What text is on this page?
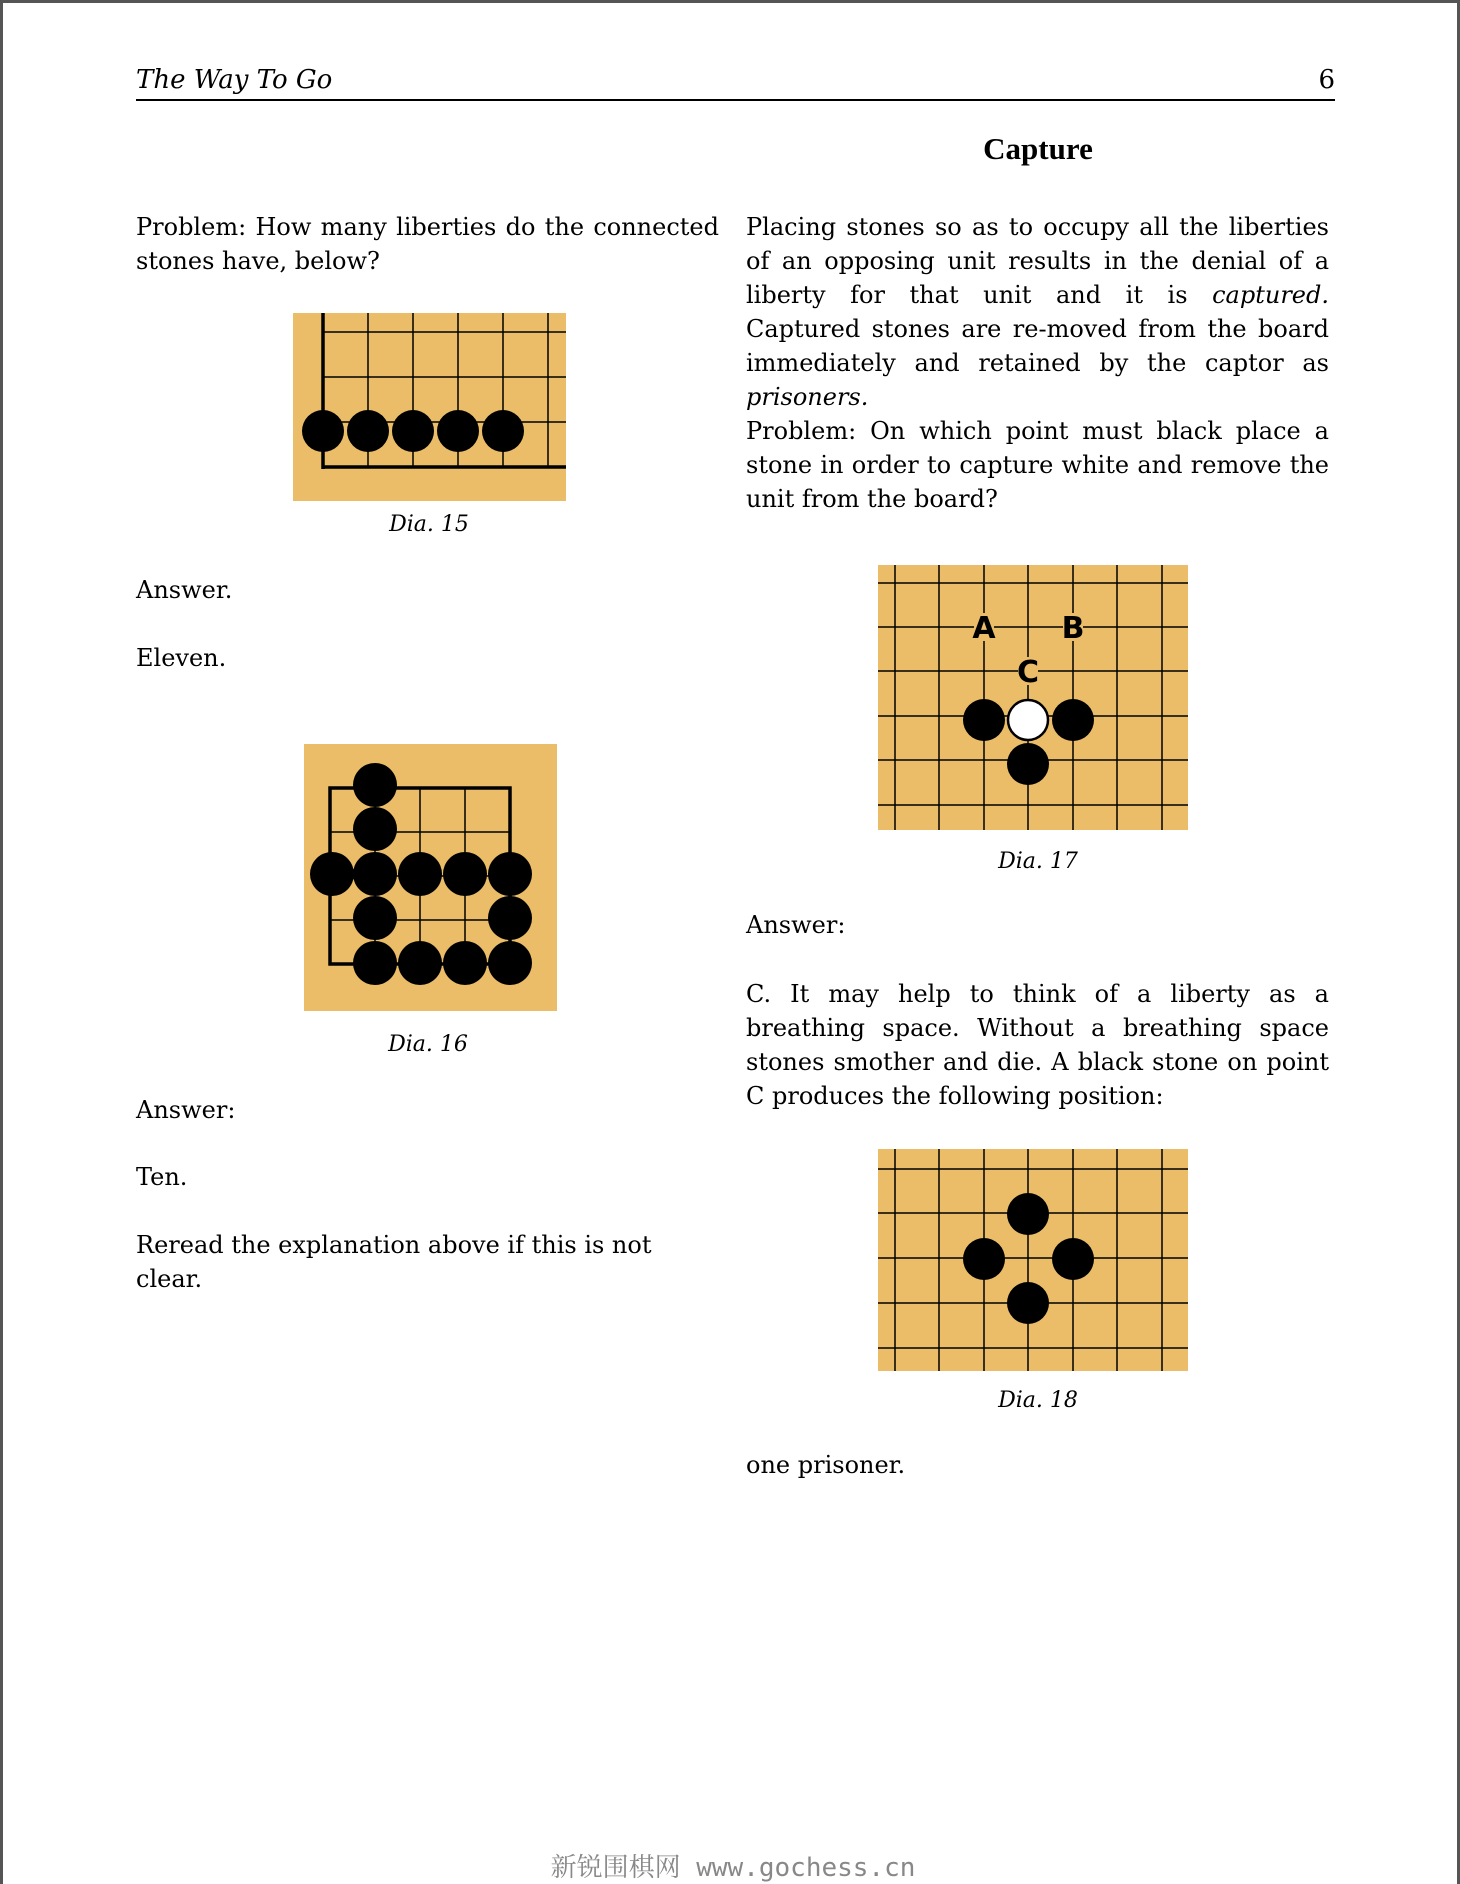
The Way To Go	6
Capture
Problem: How many liberties do the connected stones have, below?
Dia. 15
Answer.
Eleven.
Dia. 16
Answer:
Ten.
Reread the explanation above if this is not clear.
Placing stones so as to occupy all the liberties of an opposing unit results in the denial of a liberty for that unit and it is captured. Captured stones are re-moved from the board immediately and retained by the captor as prisoners.
Problem: On which point must black place a stone in order to capture white and remove the unit from the board?
A B
C
Dia. 17
Answer:
C. It may help to think of a liberty as a breathing space. Without a breathing space stones smother and die. A black stone on point C produces the following position:
Dia. 18
one prisoner.
新锐围棋网 www.gochess.cn
